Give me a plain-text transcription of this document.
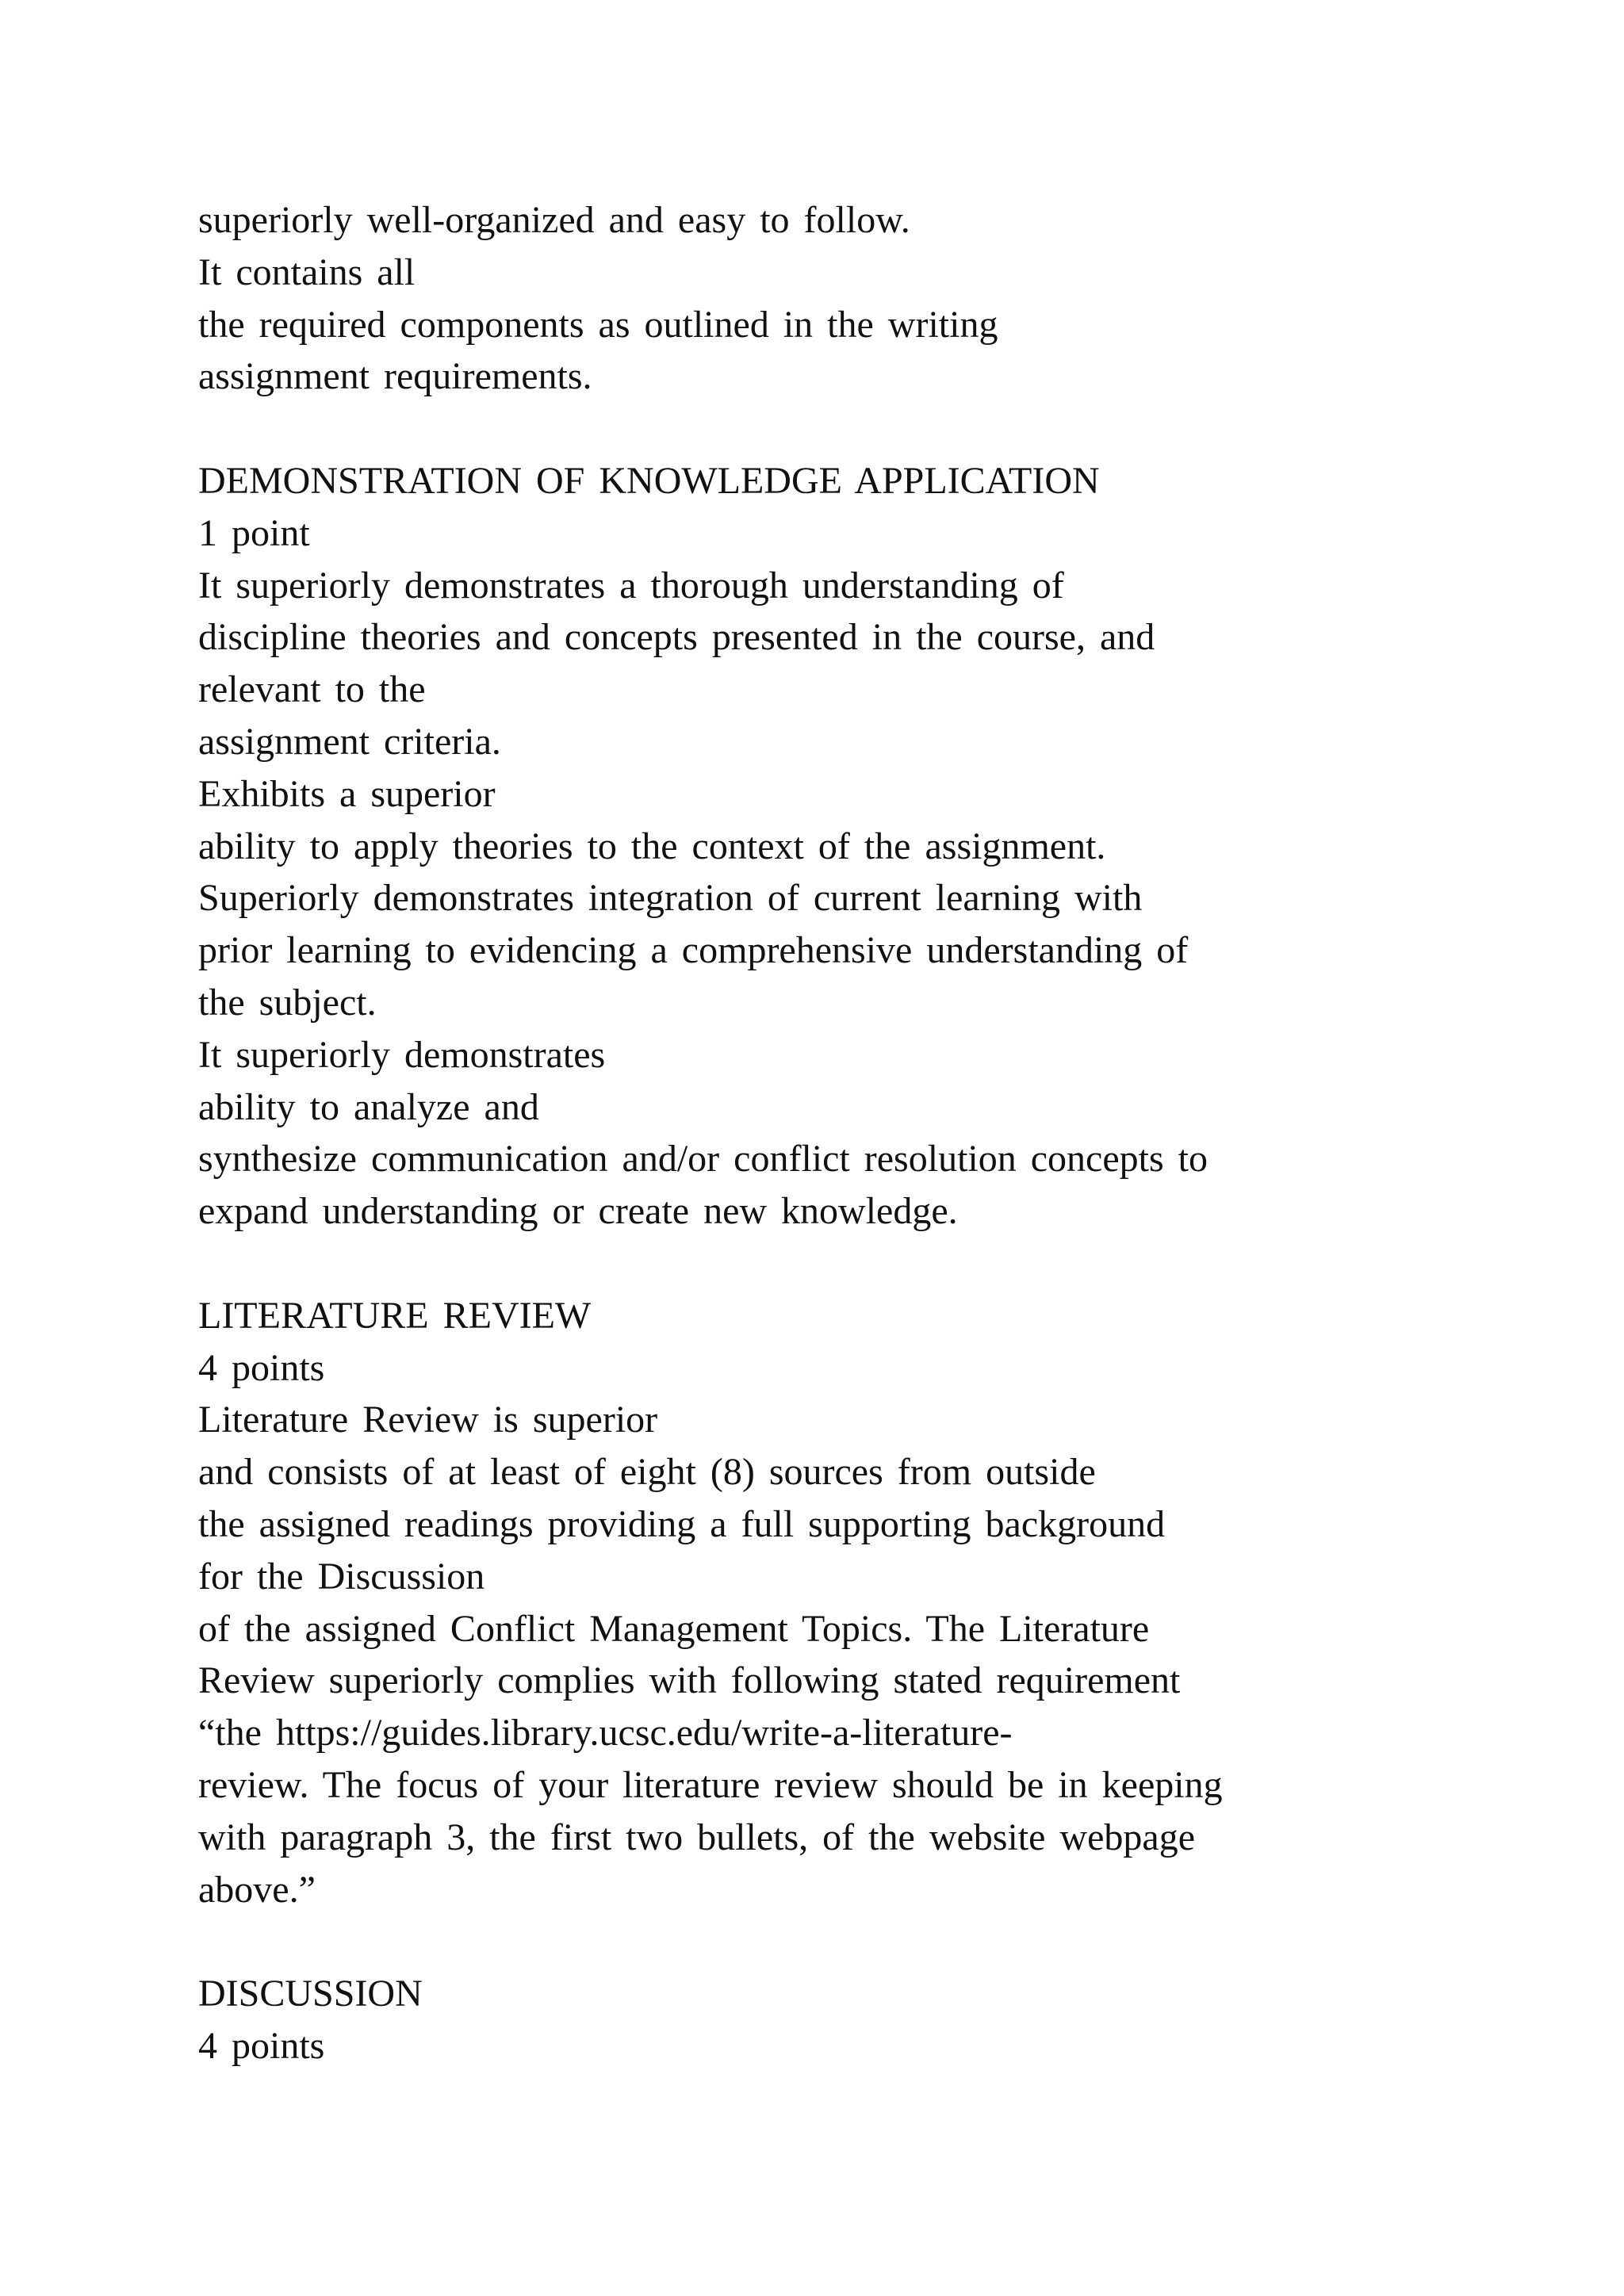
superiorly well-organized and easy to follow.
It contains all
the required components as outlined in the writing
assignment requirements.
DEMONSTRATION OF KNOWLEDGE APPLICATION
1 point
It superiorly demonstrates a thorough understanding of
discipline theories and concepts presented in the course, and
relevant to the
assignment criteria.
Exhibits a superior
ability to apply theories to the context of the assignment.
Superiorly demonstrates integration of current learning with
prior learning to evidencing a comprehensive understanding of
the subject.
It superiorly demonstrates
ability to analyze and
synthesize communication and/or conflict resolution concepts to
expand understanding or create new knowledge.
LITERATURE REVIEW
4 points
Literature Review is superior
and consists of at least of eight (8) sources from outside
the assigned readings providing a full supporting background
for the Discussion
of the assigned Conflict Management Topics. The Literature
Review superiorly complies with following stated requirement
“the https://guides.library.ucsc.edu/write-a-literature-
review. The focus of your literature review should be in keeping
with paragraph 3, the first two bullets, of the website webpage
above.”
DISCUSSION
4 points
